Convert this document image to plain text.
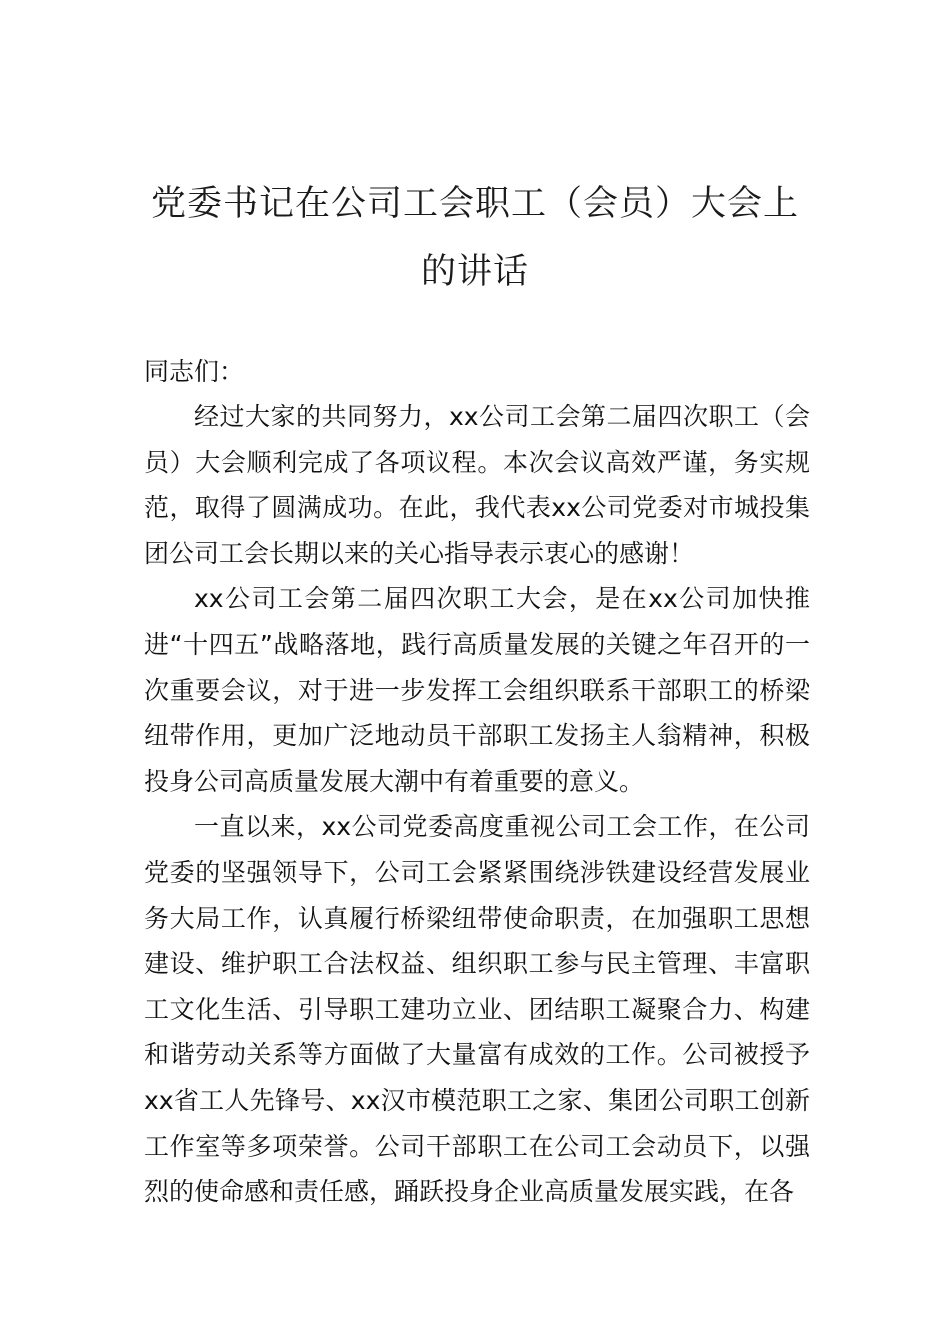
党委书记在公司工会职工（会员）大会上
的讲话
同志们：

经过大家的共同努力，xx公司工会第二届四次职工（会员）大会顺利完成了各项议程。本次会议高效严谨，务实规范，取得了圆满成功。在此，我代表xx公司党委对市城投集团公司工会长期以来的关心指导表示衷心的感谢！

xx公司工会第二届四次职工大会，是在xx公司加快推进“十四五”战略落地，践行高质量发展的关键之年召开的一次重要会议，对于进一步发挥工会组织联系干部职工的桥梁纽带作用，更加广泛地动员干部职工发扬主人翁精神，积极投身公司高质量发展大潮中有着重要的意义。

一直以来，xx公司党委高度重视公司工会工作，在公司党委的坚强领导下，公司工会紧紧围绕涉铁建设经营发展业务大局工作，认真履行桥梁纽带使命职责，在加强职工思想建设、维护职工合法权益、组织职工参与民主管理、丰富职工文化生活、引导职工建功立业、团结职工凝聚合力、构建和谐劳动关系等方面做了大量富有成效的工作。公司被授予xx省工人先锋号、xx汉市模范职工之家、集团公司职工创新工作室等多项荣誉。公司干部职工在公司工会动员下，以强烈的使命感和责任感，踊跃投身企业高质量发展实践，在各
